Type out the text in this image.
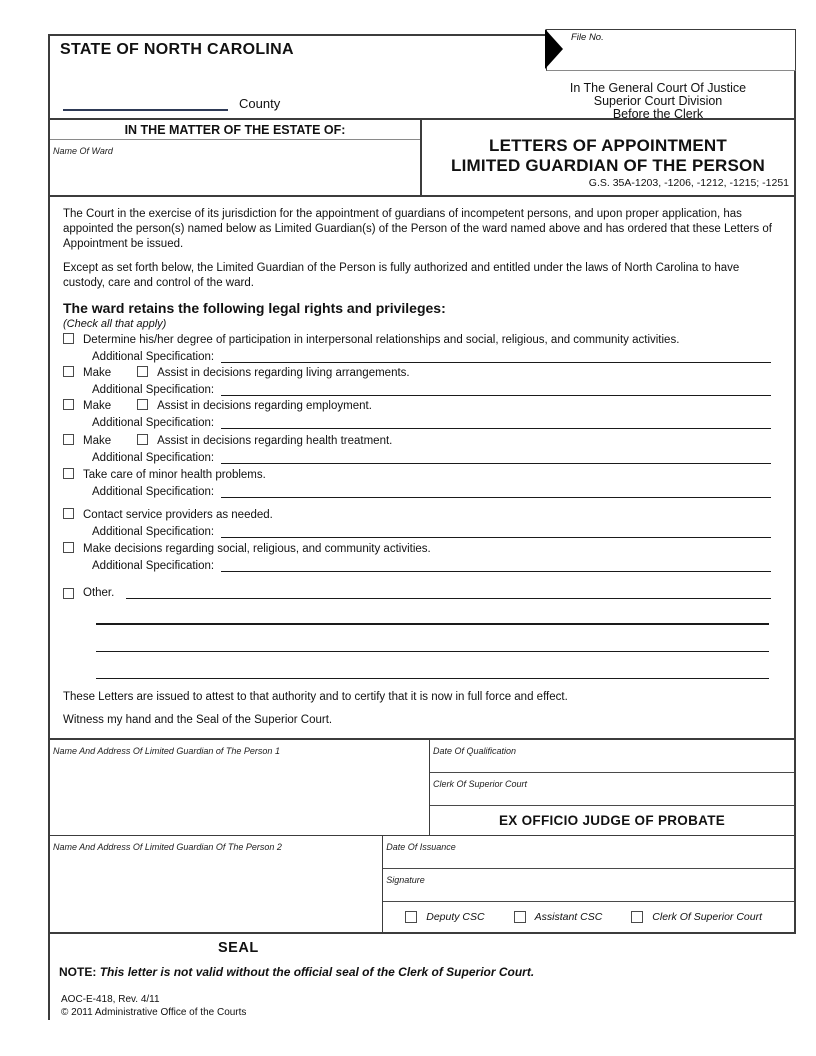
STATE OF NORTH CAROLINA
County
File No.
In The General Court Of Justice
Superior Court Division
Before the Clerk
IN THE MATTER OF THE ESTATE OF:
Name Of Ward	LETTERS OF APPOINTMENT
LIMITED GUARDIAN OF THE PERSON
G.S. 35A-1203, -1206, -1212, -1215; -1251

The Court in the exercise of its jurisdiction for the appointment of guardians of incompetent persons, and upon proper application, has appointed the person(s) named below as Limited Guardian(s) of the Person of the ward named above and has ordered that these Letters of Appointment be issued.

Except as set forth below, the Limited Guardian of the Person is fully authorized and entitled under the laws of North Carolina to have custody, care and control of the ward.

The ward retains the following legal rights and privileges:
(Check all that apply)
Determine his/her degree of participation in interpersonal relationships and social, religious, and community activities.
Additional Specification:
Make	Assist in decisions regarding living arrangements.
Additional Specification:
Make	Assist in decisions regarding employment.
Additional Specification:
Make	Assist in decisions regarding health treatment.
Additional Specification:
Take care of minor health problems.
Additional Specification:
Contact service providers as needed.
Additional Specification:
Make decisions regarding social, religious, and community activities.
Additional Specification:
Other.

These Letters are issued to attest to that authority and to certify that it is now in full force and effect.

Witness my hand and the Seal of the Superior Court.

Name And Address Of Limited Guardian of The Person 1	Date Of Qualification
Clerk Of Superior Court
EX OFFICIO JUDGE OF PROBATE
Name And Address Of Limited Guardian Of The Person 2	Date Of Issuance
Signature
Deputy CSC	Assistant CSC	Clerk Of Superior Court
SEAL
NOTE: This letter is not valid without the official seal of the Clerk of Superior Court.
AOC-E-418, Rev. 4/11
© 2011 Administrative Office of the Courts
